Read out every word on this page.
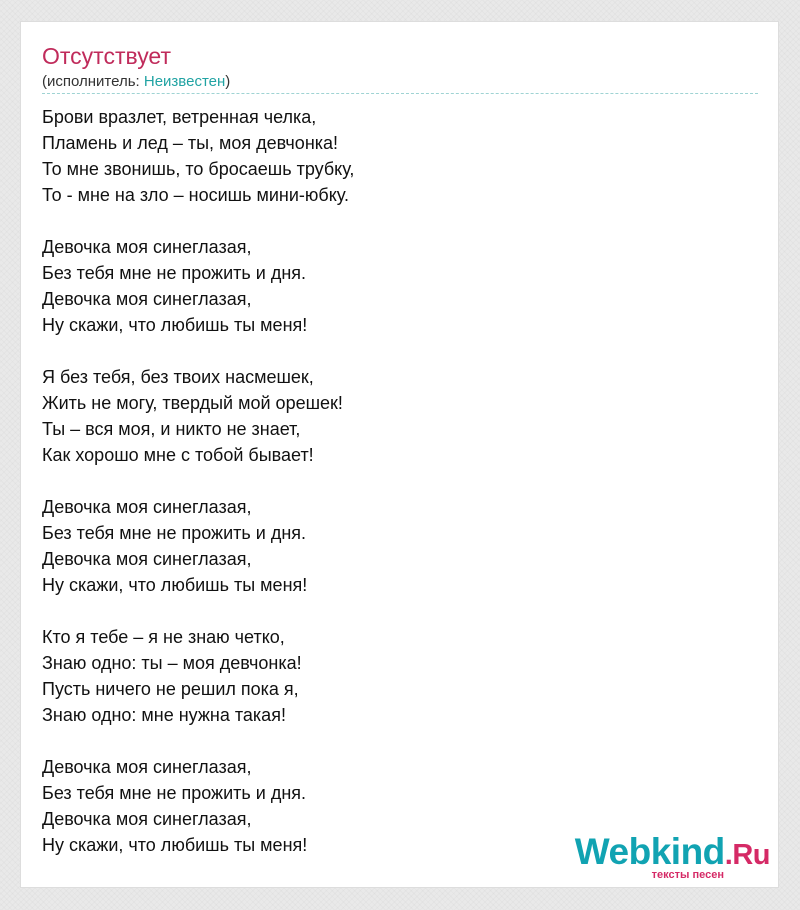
Отсутствует
(исполнитель: Неизвестен)
Брови вразлет, ветренная челка,
Пламень и лед – ты, моя девчонка!
То мне звонишь, то бросаешь трубку,
То - мне на зло – носишь мини-юбку.
Девочка моя синеглазая,
Без тебя мне не прожить и дня.
Девочка моя синеглазая,
Ну скажи, что любишь ты меня!
Я без тебя, без твоих насмешек,
Жить не могу, твердый мой орешек!
Ты – вся моя, и никто не знает,
Как хорошо мне с тобой бывает!
Девочка моя синеглазая,
Без тебя мне не прожить и дня.
Девочка моя синеглазая,
Ну скажи, что любишь ты меня!
Кто я тебе – я не знаю четко,
Знаю одно: ты – моя девчонка!
Пусть ничего не решил пока я,
Знаю одно: мне нужна такая!
Девочка моя синеглазая,
Без тебя мне не прожить и дня.
Девочка моя синеглазая,
Ну скажи, что любишь ты меня!	Webkind.Ru
тексты песен
